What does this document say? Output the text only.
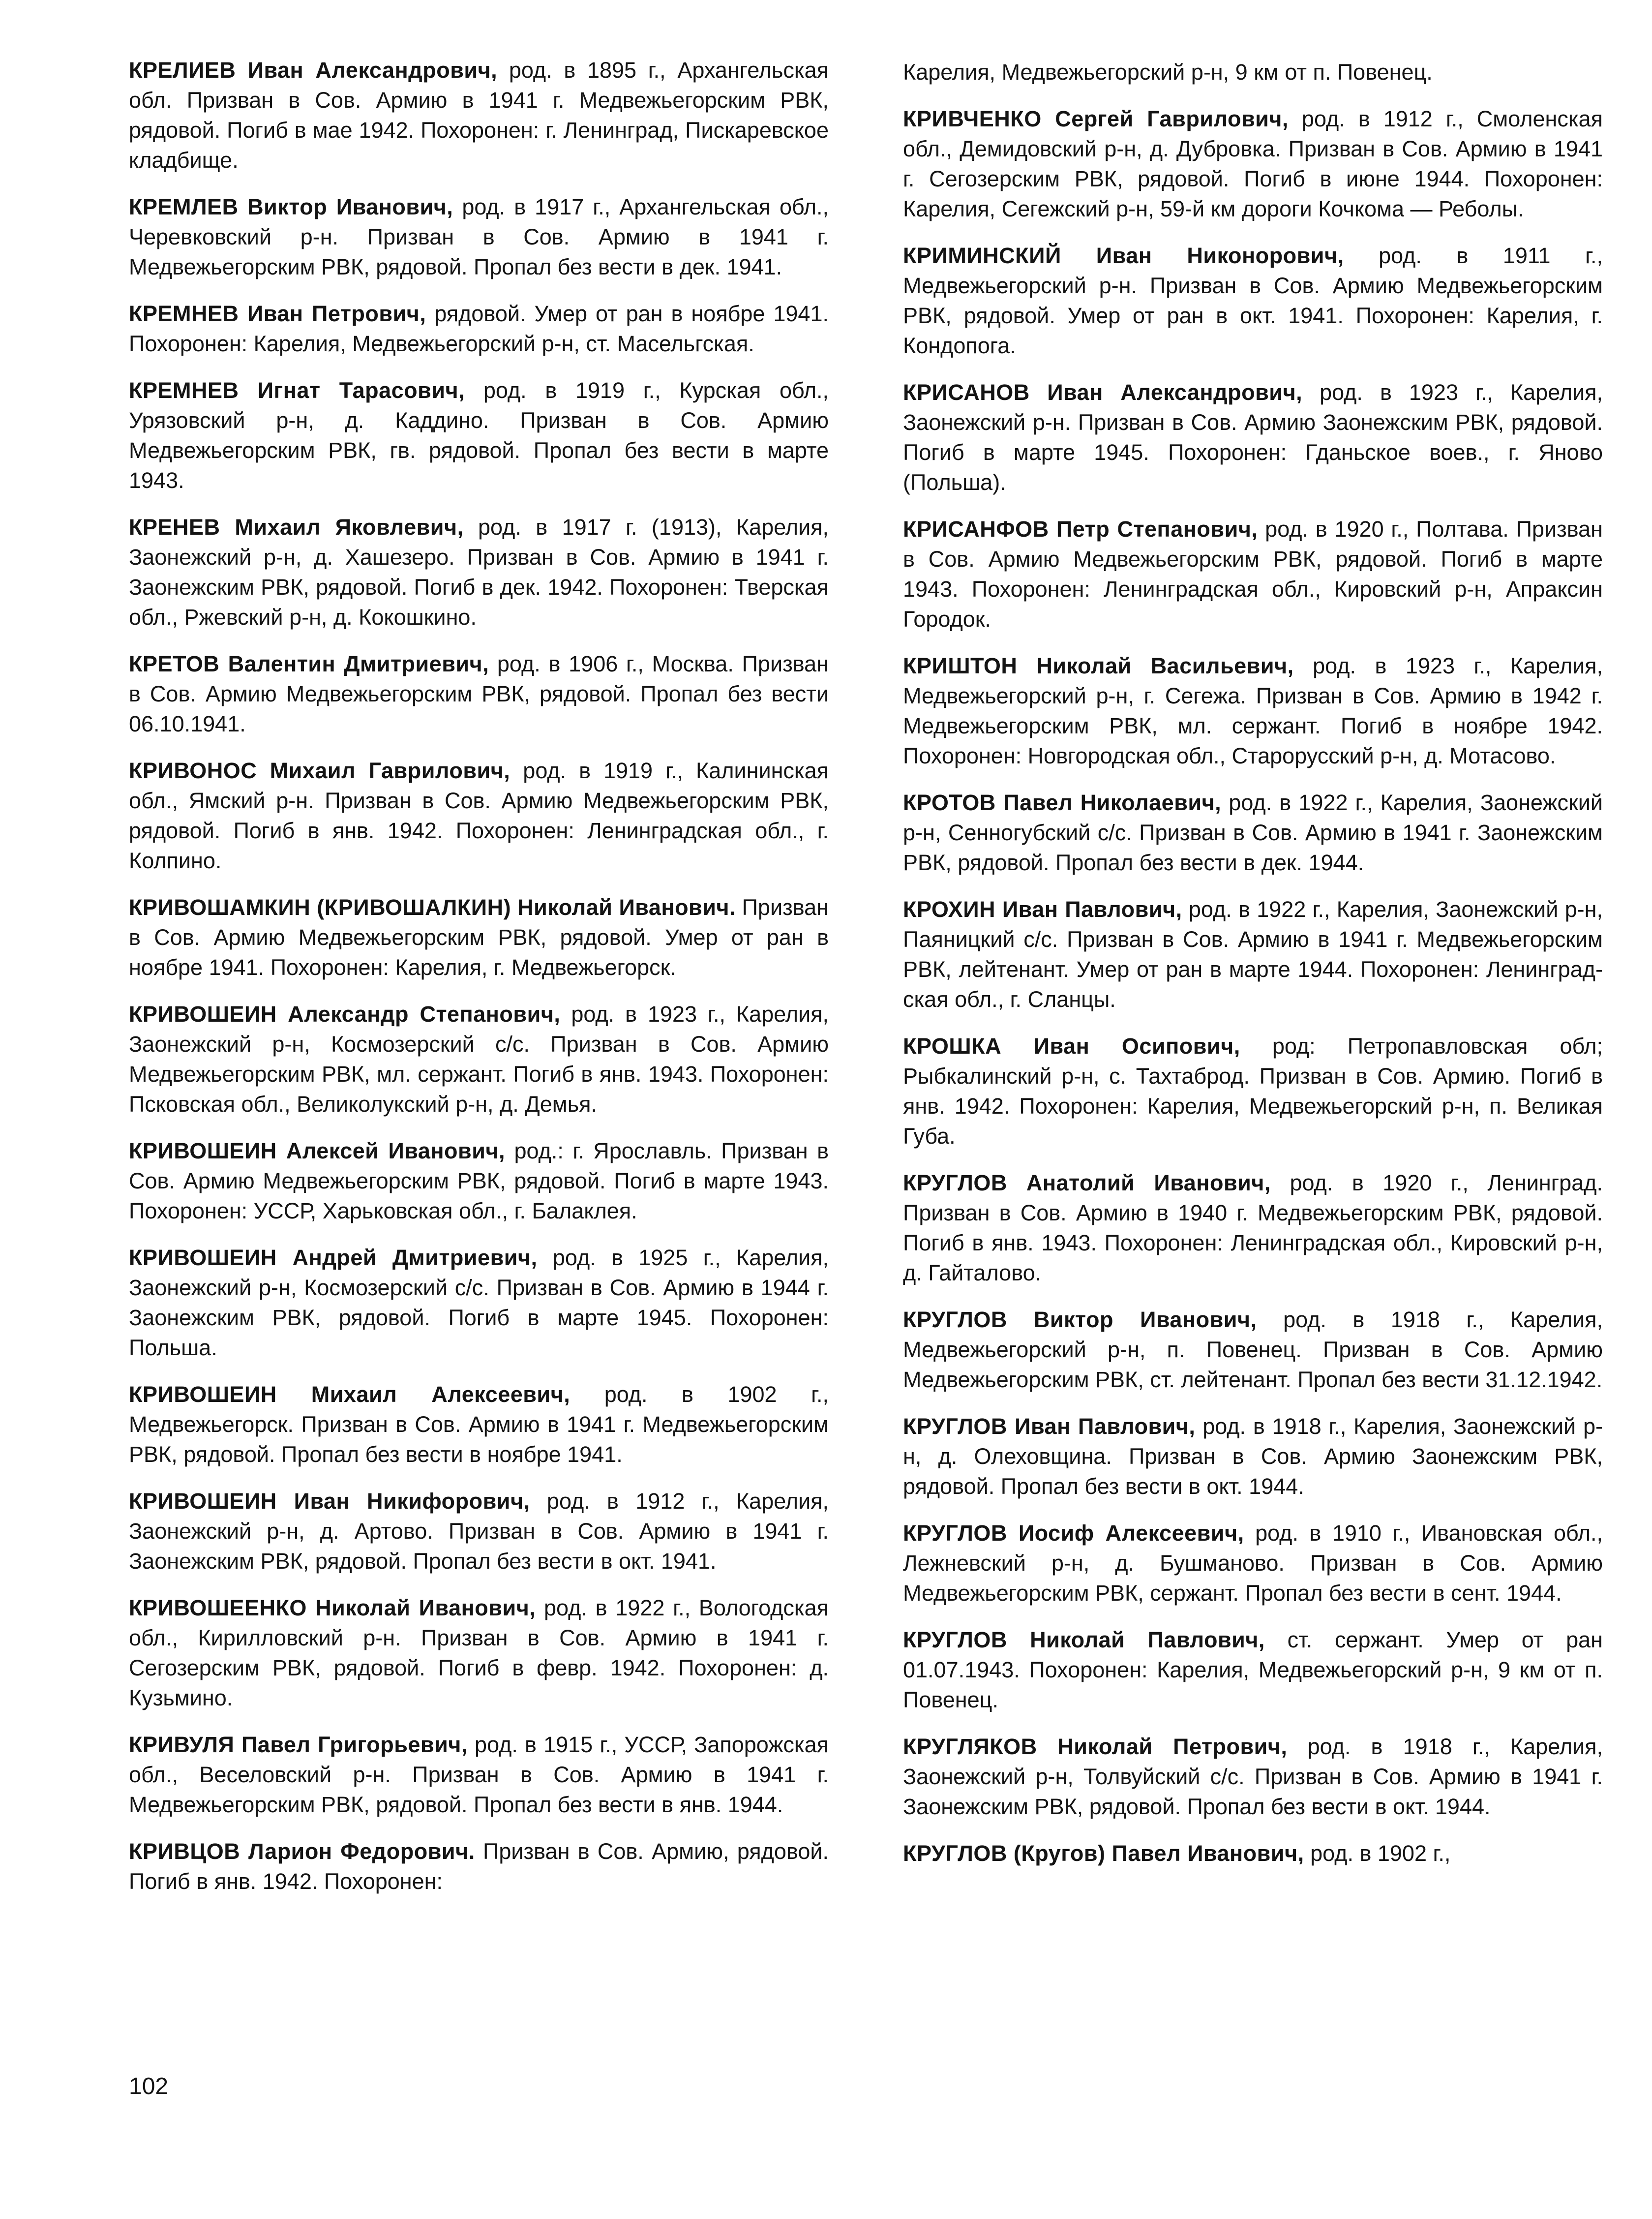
КРЕЛИЕВ Иван Александрович, род. в 1895 г., Архангельская обл. Призван в Сов. Армию в 1941 г. Медвежьегорским РВК, рядовой. Погиб в мае 1942. Похоронен: г. Ленинград, Пискаревское кладбище.

КРЕМЛЕВ Виктор Иванович, род. в 1917 г., Архангельская обл., Черевковский р-н. Призван в Сов. Армию в 1941 г. Медвежьегорским РВК, рядовой. Пропал без вести в дек. 1941.

КРЕМНЕВ Иван Петрович, рядовой. Умер от ран в ноябре 1941. Похоронен: Карелия, Медвежьегорский р-н, ст. Масельгская.

КРЕМНЕВ Игнат Тарасович, род. в 1919 г., Курская обл., Урязовский р-н, д. Каддино. Призван в Сов. Армию Медвежьегорским РВК, гв. рядовой. Пропал без вести в марте 1943.

КРЕНЕВ Михаил Яковлевич, род. в 1917 г. (1913), Карелия, Заонежский р-н, д. Хашезеро. Призван в Сов. Армию в 1941 г. Заонежским РВК, рядовой. Погиб в дек. 1942. Похоронен: Тверская обл., Ржевский р-н, д. Кокошкино.

КРЕТОВ Валентин Дмитриевич, род. в 1906 г., Москва. Призван в Сов. Армию Медвежьегорским РВК, рядовой. Пропал без вести 06.10.1941.

КРИВОНОС Михаил Гаврилович, род. в 1919 г., Калининская обл., Ямский р-н. Призван в Сов. Армию Медвежьегорским РВК, рядовой. Погиб в янв. 1942. Похоронен: Ленинградская обл., г. Колпино.

КРИВОШАМКИН (КРИВОШАЛКИН) Николай Иванович. Призван в Сов. Армию Медвежьегорским РВК, рядовой. Умер от ран в ноябре 1941. Похоронен: Карелия, г. Медвежьегорск.

КРИВОШЕИН Александр Степанович, род. в 1923 г., Карелия, Заонежский р-н, Космозерский с/с. Призван в Сов. Армию Медвежьегорским РВК, мл. сержант. Погиб в янв. 1943. Похоронен: Псковская обл., Великолукский р-н, д. Демья.

КРИВОШЕИН Алексей Иванович, род.: г. Ярославль. Призван в Сов. Армию Медвежьегорским РВК, рядовой. Погиб в марте 1943. Похоронен: УССР, Харьковская обл., г. Балаклея.

КРИВОШЕИН Андрей Дмитриевич, род. в 1925 г., Карелия, Заонежский р-н, Космозерский с/с. Призван в Сов. Армию в 1944 г. Заонежским РВК, рядовой. Погиб в марте 1945. Похоронен: Польша.

КРИВОШЕИН Михаил Алексеевич, род. в 1902 г., Медвежьегорск. Призван в Сов. Армию в 1941 г. Медвежьегорским РВК, рядовой. Пропал без вести в ноябре 1941.

КРИВОШЕИН Иван Никифорович, род. в 1912 г., Карелия, Заонежский р-н, д. Артово. Призван в Сов. Армию в 1941 г. Заонежским РВК, рядовой. Пропал без вести в окт. 1941.

КРИВОШЕЕНКО Николай Иванович, род. в 1922 г., Вологодская обл., Кирилловский р-н. Призван в Сов. Армию в 1941 г. Сегозерским РВК, рядовой. Погиб в февр. 1942. Похоронен: д. Кузьмино.

КРИВУЛЯ Павел Григорьевич, род. в 1915 г., УССР, Запорожская обл., Веселовский р-н. Призван в Сов. Армию в 1941 г. Медвежьегорским РВК, рядовой. Пропал без вести в янв. 1944.

КРИВЦОВ Ларион Федорович. Призван в Сов. Армию, рядовой. Погиб в янв. 1942. Похоронен:

Карелия, Медвежьегорский р-н, 9 км от п. Повенец.

КРИВЧЕНКО Сергей Гаврилович, род. в 1912 г., Смоленская обл., Демидовский р-н, д. Дубровка. Призван в Сов. Армию в 1941 г. Сегозерским РВК, рядовой. Погиб в июне 1944. Похоронен: Карелия, Сегежский р-н, 59-й км дороги Кочкома — Реболы.

КРИМИНСКИЙ Иван Никонорович, род. в 1911 г., Медвежьегорский р-н. Призван в Сов. Армию Медвежьегорским РВК, рядовой. Умер от ран в окт. 1941. Похоронен: Карелия, г. Кондопога.

КРИСАНОВ Иван Александрович, род. в 1923 г., Карелия, Заонежский р-н. Призван в Сов. Армию Заонежским РВК, рядовой. Погиб в марте 1945. Похоронен: Гданьское воев., г. Яново (Польша).

КРИСАНФОВ Петр Степанович, род. в 1920 г., Полтава. Призван в Сов. Армию Медвежьегорским РВК, рядовой. Погиб в марте 1943. Похоронен: Ленинградская обл., Кировский р-н, Апраксин Городок.

КРИШТОН Николай Васильевич, род. в 1923 г., Карелия, Медвежьегорский р-н, г. Сегежа. Призван в Сов. Армию в 1942 г. Медвежьегорским РВК, мл. сержант. Погиб в ноябре 1942. Похоронен: Новгородская обл., Старорусский р-н, д. Мотасово.

КРОТОВ Павел Николаевич, род. в 1922 г., Карелия, Заонежский р-н, Сенногубский с/с. Призван в Сов. Армию в 1941 г. Заонежским РВК, рядовой. Пропал без вести в дек. 1944.

КРОХИН Иван Павлович, род. в 1922 г., Карелия, Заонежский р-н, Паяницкий с/с. Призван в Сов. Армию в 1941 г. Медвежьегорским РВК, лейтенант. Умер от ран в марте 1944. Похоронен: Ленинградская обл., г. Сланцы.

КРОШКА Иван Осипович, род: Петропавловская обл; Рыбкалинский р-н, с. Тахтаброд. Призван в Сов. Армию. Погиб в янв. 1942. Похоронен: Карелия, Медвежьегорский р-н, п. Великая Губа.

КРУГЛОВ Анатолий Иванович, род. в 1920 г., Ленинград. Призван в Сов. Армию в 1940 г. Медвежьегорским РВК, рядовой. Погиб в янв. 1943. Похоронен: Ленинградская обл., Кировский р-н, д. Гайталово.

КРУГЛОВ Виктор Иванович, род. в 1918 г., Карелия, Медвежьегорский р-н, п. Повенец. Призван в Сов. Армию Медвежьегорским РВК, ст. лейтенант. Пропал без вести 31.12.1942.

КРУГЛОВ Иван Павлович, род. в 1918 г., Карелия, Заонежский р-н, д. Олеховщина. Призван в Сов. Армию Заонежским РВК, рядовой. Пропал без вести в окт. 1944.

КРУГЛОВ Иосиф Алексеевич, род. в 1910 г., Ивановская обл., Лежневский р-н, д. Бушманово. Призван в Сов. Армию Медвежьегорским РВК, сержант. Пропал без вести в сент. 1944.

КРУГЛОВ Николай Павлович, ст. сержант. Умер от ран 01.07.1943. Похоронен: Карелия, Медвежьегорский р-н, 9 км от п. Повенец.

КРУГЛЯКОВ Николай Петрович, род. в 1918 г., Карелия, Заонежский р-н, Толвуйский с/с. Призван в Сов. Армию в 1941 г. Заонежским РВК, рядовой. Пропал без вести в окт. 1944.

КРУГЛОВ (Кругов) Павел Иванович, род. в 1902 г.,

102
